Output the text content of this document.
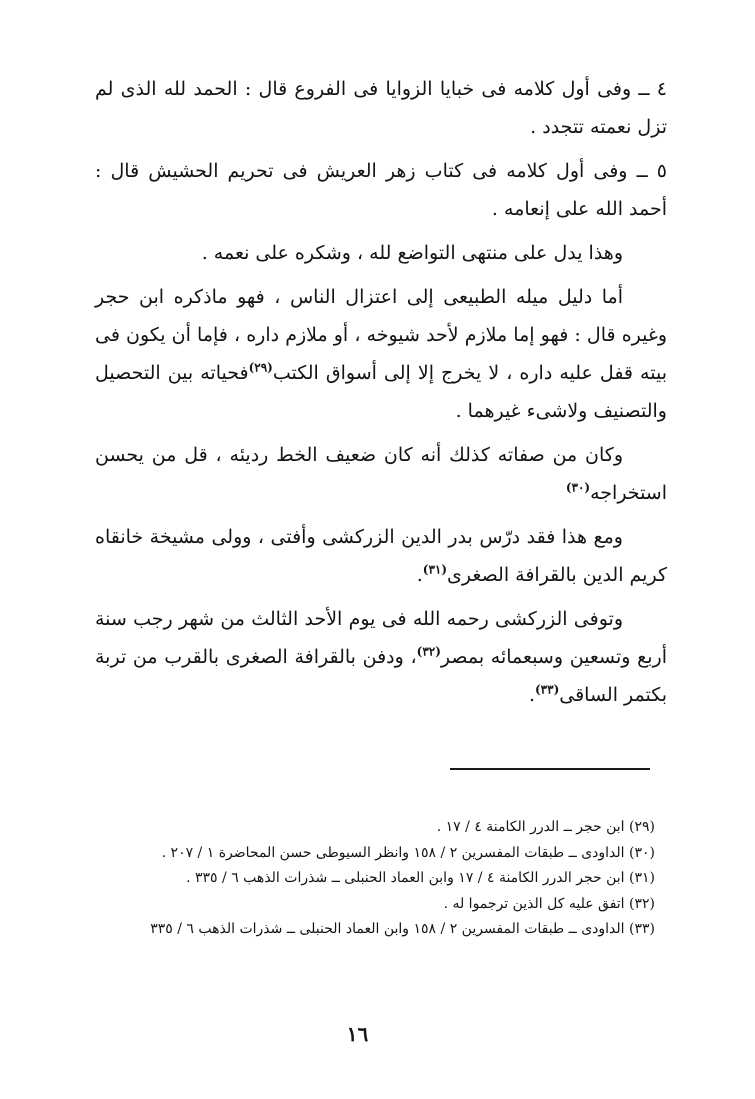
٤ ــ وفى أول كلامه فى خبايا الزوايا فى الفروع قال : الحمد لله الذى لم تزل نعمته تتجدد .

٥ ــ وفى أول كلامه فى كتاب زهر العريش فى تحريم الحشيش قال : أحمد الله على إنعامه .

وهذا يدل على منتهى التواضع لله ، وشكره على نعمه .

أما دليل ميله الطبيعى إلى اعتزال الناس ، فهو ماذكره ابن حجر وغيره قال : فهو إما ملازم لأحد شيوخه ، أو ملازم داره ، فإما أن يكون فى بيته قفل عليه داره ، لا يخرج إلا إلى أسواق الكتب$^{(٢٩)}$فحياته بين التحصيل والتصنيف ولاشىء غيرهما .

وكان من صفاته كذلك أنه كان ضعيف الخط رديئه ، قل من يحسن استخراجه$^{(٣٠)}$

ومع هذا فقد درّس بدر الدين الزركشى وأفتى ، وولى مشيخة خانقاه كريم الدين بالقرافة الصغرى$^{(٣١)}$.

وتوفى الزركشى رحمه الله فى يوم الأحد الثالث من شهر رجب سنة أربع وتسعين وسبعمائه بمصر$^{(٣٢)}$، ودفن بالقرافة الصغرى بالقرب من تربة بكتمر الساقى$^{(٣٣)}$.

(٢٩) ابن حجر ــ الدرر الكامنة ٤ / ١٧ .
(٣٠) الداودى ــ طبقات المفسرين ٢ / ١٥٨ وانظر السيوطى حسن المحاضرة ١ / ٢٠٧ .
(٣١) ابن حجر الدرر الكامنة ٤ / ١٧ وابن العماد الحنبلى ــ شذرات الذهب ٦ / ٣٣٥ .
(٣٢) اتفق عليه كل الذين ترجموا له .
(٣٣) الداودى ــ طبقات المفسرين ٢ / ١٥٨ وابن العماد الحنبلى ــ شذرات الذهب ٦ / ٣٣٥
١٦
